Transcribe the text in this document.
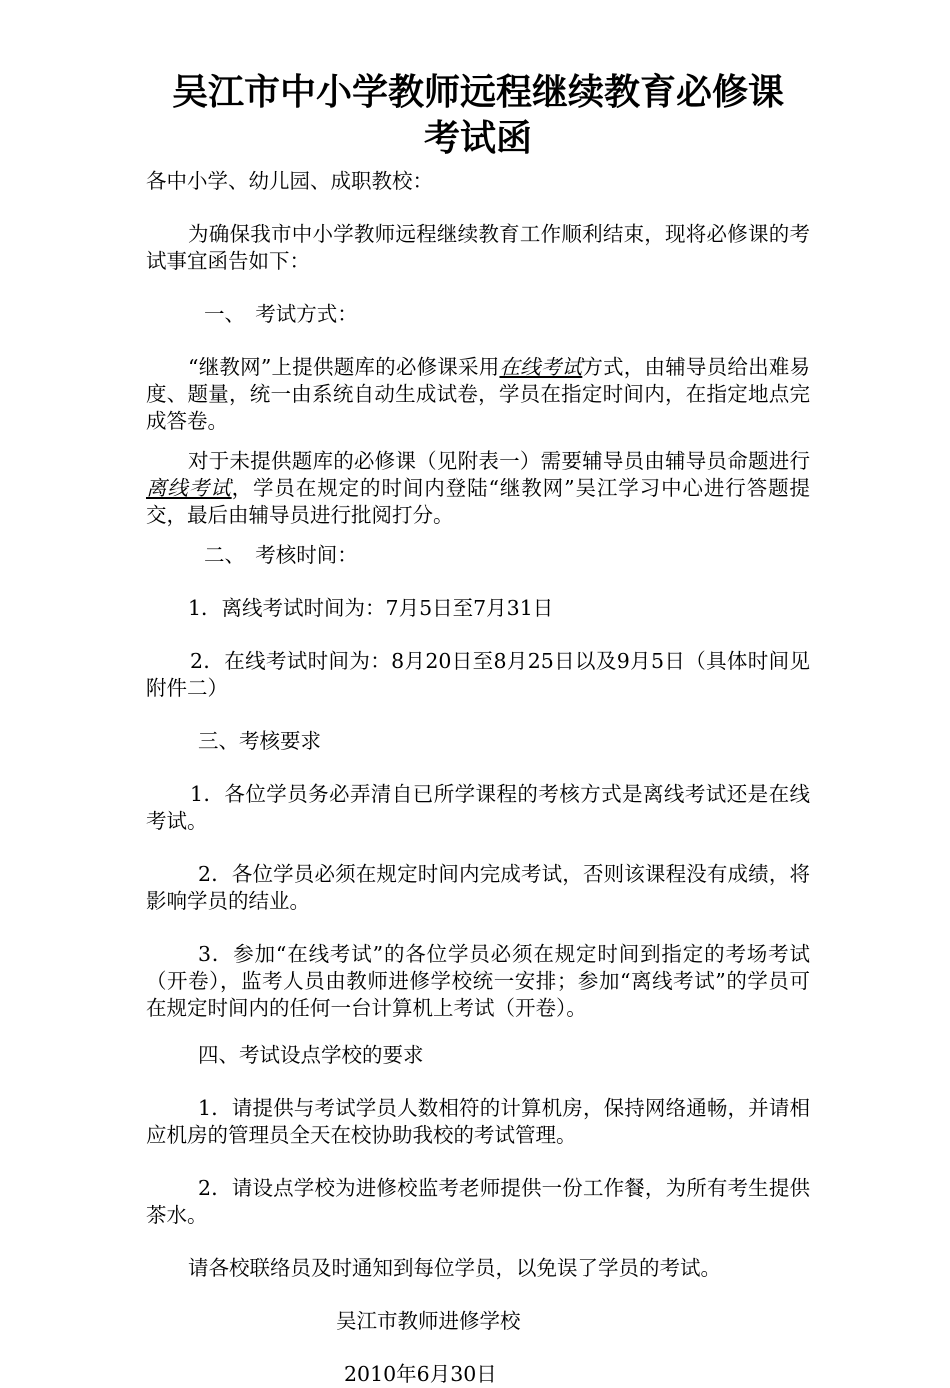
吴江市中小学教师远程继续教育必修课
考试函

各中小学、幼儿园、成职教校：

为确保我市中小学教师远程继续教育工作顺利结束，现将必修课的考试事宜函告如下：

一、　考试方式：

“继教网”上提供题库的必修课采用在线考试方式，由辅导员给出难易度、题量，统一由系统自动生成试卷，学员在指定时间内，在指定地点完成答卷。

对于未提供题库的必修课（见附表一）需要辅导员由辅导员命题进行离线考试，学员在规定的时间内登陆“继教网”吴江学习中心进行答题提交，最后由辅导员进行批阅打分。

二、　考核时间：

1．离线考试时间为：7月5日至7月31日

2．在线考试时间为：8月20日至8月25日以及9月5日（具体时间见附件二）

三、考核要求

1．各位学员务必弄清自已所学课程的考核方式是离线考试还是在线考试。

2．各位学员必须在规定时间内完成考试，否则该课程没有成绩，将影响学员的结业。

3．参加“在线考试”的各位学员必须在规定时间到指定的考场考试（开卷），监考人员由教师进修学校统一安排；参加“离线考试”的学员可在规定时间内的任何一台计算机上考试（开卷）。

四、考试设点学校的要求

1．请提供与考试学员人数相符的计算机房，保持网络通畅，并请相应机房的管理员全天在校协助我校的考试管理。

2．请设点学校为进修校监考老师提供一份工作餐，为所有考生提供茶水。

请各校联络员及时通知到每位学员，以免误了学员的考试。

吴江市教师进修学校

2010年6月30日
